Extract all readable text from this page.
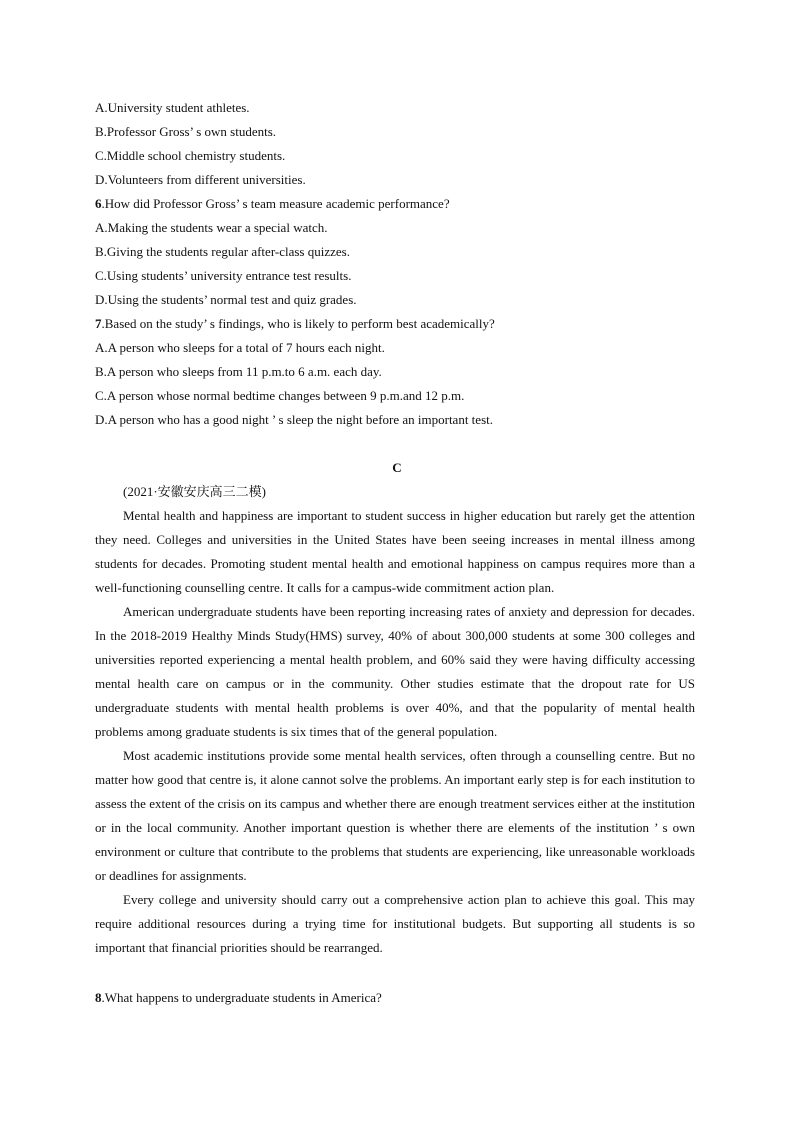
A.University student athletes.
B.Professor Gross’ s own students.
C.Middle school chemistry students.
D.Volunteers from different universities.
6.How did Professor Gross’ s team measure academic performance?
A.Making the students wear a special watch.
B.Giving the students regular after-class quizzes.
C.Using students’ university entrance test results.
D.Using the students’ normal test and quiz grades.
7.Based on the study’ s findings, who is likely to perform best academically?
A.A person who sleeps for a total of 7 hours each night.
B.A person who sleeps from 11 p.m.to 6 a.m. each day.
C.A person whose normal bedtime changes between 9 p.m.and 12 p.m.
D.A person who has a good night ’ s sleep the night before an important test.
C
(2021·安徽安庆高三二模)

Mental health and happiness are important to student success in higher education but rarely get the attention they need. Colleges and universities in the United States have been seeing increases in mental illness among students for decades. Promoting student mental health and emotional happiness on campus requires more than a well-functioning counselling centre. It calls for a campus-wide commitment action plan.

American undergraduate students have been reporting increasing rates of anxiety and depression for decades. In the 2018-2019 Healthy Minds Study(HMS) survey, 40% of about 300,000 students at some 300 colleges and universities reported experiencing a mental health problem, and 60% said they were having difficulty accessing mental health care on campus or in the community. Other studies estimate that the dropout rate for US undergraduate students with mental health problems is over 40%, and that the popularity of mental health problems among graduate students is six times that of the general population.

Most academic institutions provide some mental health services, often through a counselling centre. But no matter how good that centre is, it alone cannot solve the problems. An important early step is for each institution to assess the extent of the crisis on its campus and whether there are enough treatment services either at the institution or in the local community. Another important question is whether there are elements of the institution ’ s own environment or culture that contribute to the problems that students are experiencing, like unreasonable workloads or deadlines for assignments.

Every college and university should carry out a comprehensive action plan to achieve this goal. This may require additional resources during a trying time for institutional budgets. But supporting all students is so important that financial priorities should be rearranged.

8.What happens to undergraduate students in America?
